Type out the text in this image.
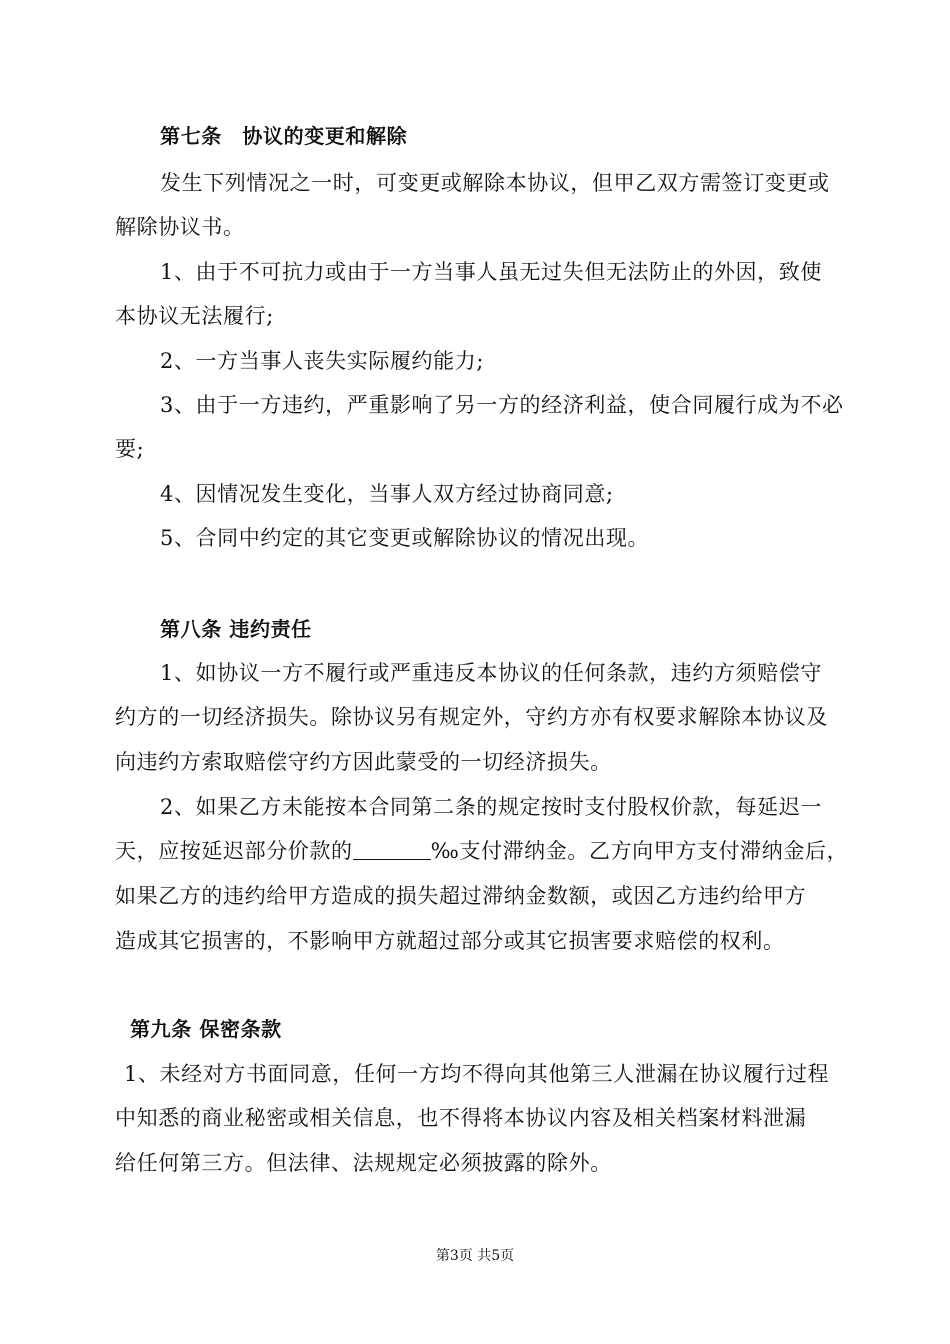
第七条　协议的变更和解除
发生下列情况之一时，可变更或解除本协议，但甲乙双方需签订变更或
解除协议书。
1、由于不可抗力或由于一方当事人虽无过失但无法防止的外因，致使
本协议无法履行;
2、一方当事人丧失实际履约能力;
3、由于一方违约，严重影响了另一方的经济利益，使合同履行成为不必
要;
4、因情况发生变化，当事人双方经过协商同意;
5、合同中约定的其它变更或解除协议的情况出现。
第八条 违约责任
1、如协议一方不履行或严重违反本协议的任何条款，违约方须赔偿守
约方的一切经济损失。除协议另有规定外，守约方亦有权要求解除本协议及
向违约方索取赔偿守约方因此蒙受的一切经济损失。
2、如果乙方未能按本合同第二条的规定按时支付股权价款，每延迟一
天，应按延迟部分价款的	‰支付滞纳金。乙方向甲方支付滞纳金后，
如果乙方的违约给甲方造成的损失超过滞纳金数额，或因乙方违约给甲方
造成其它损害的，不影响甲方就超过部分或其它损害要求赔偿的权利。
第九条 保密条款
1、未经对方书面同意，任何一方均不得向其他第三人泄漏在协议履行过程
中知悉的商业秘密或相关信息，也不得将本协议内容及相关档案材料泄漏
给任何第三方。但法律、法规规定必须披露的除外。
第3页 共5页
